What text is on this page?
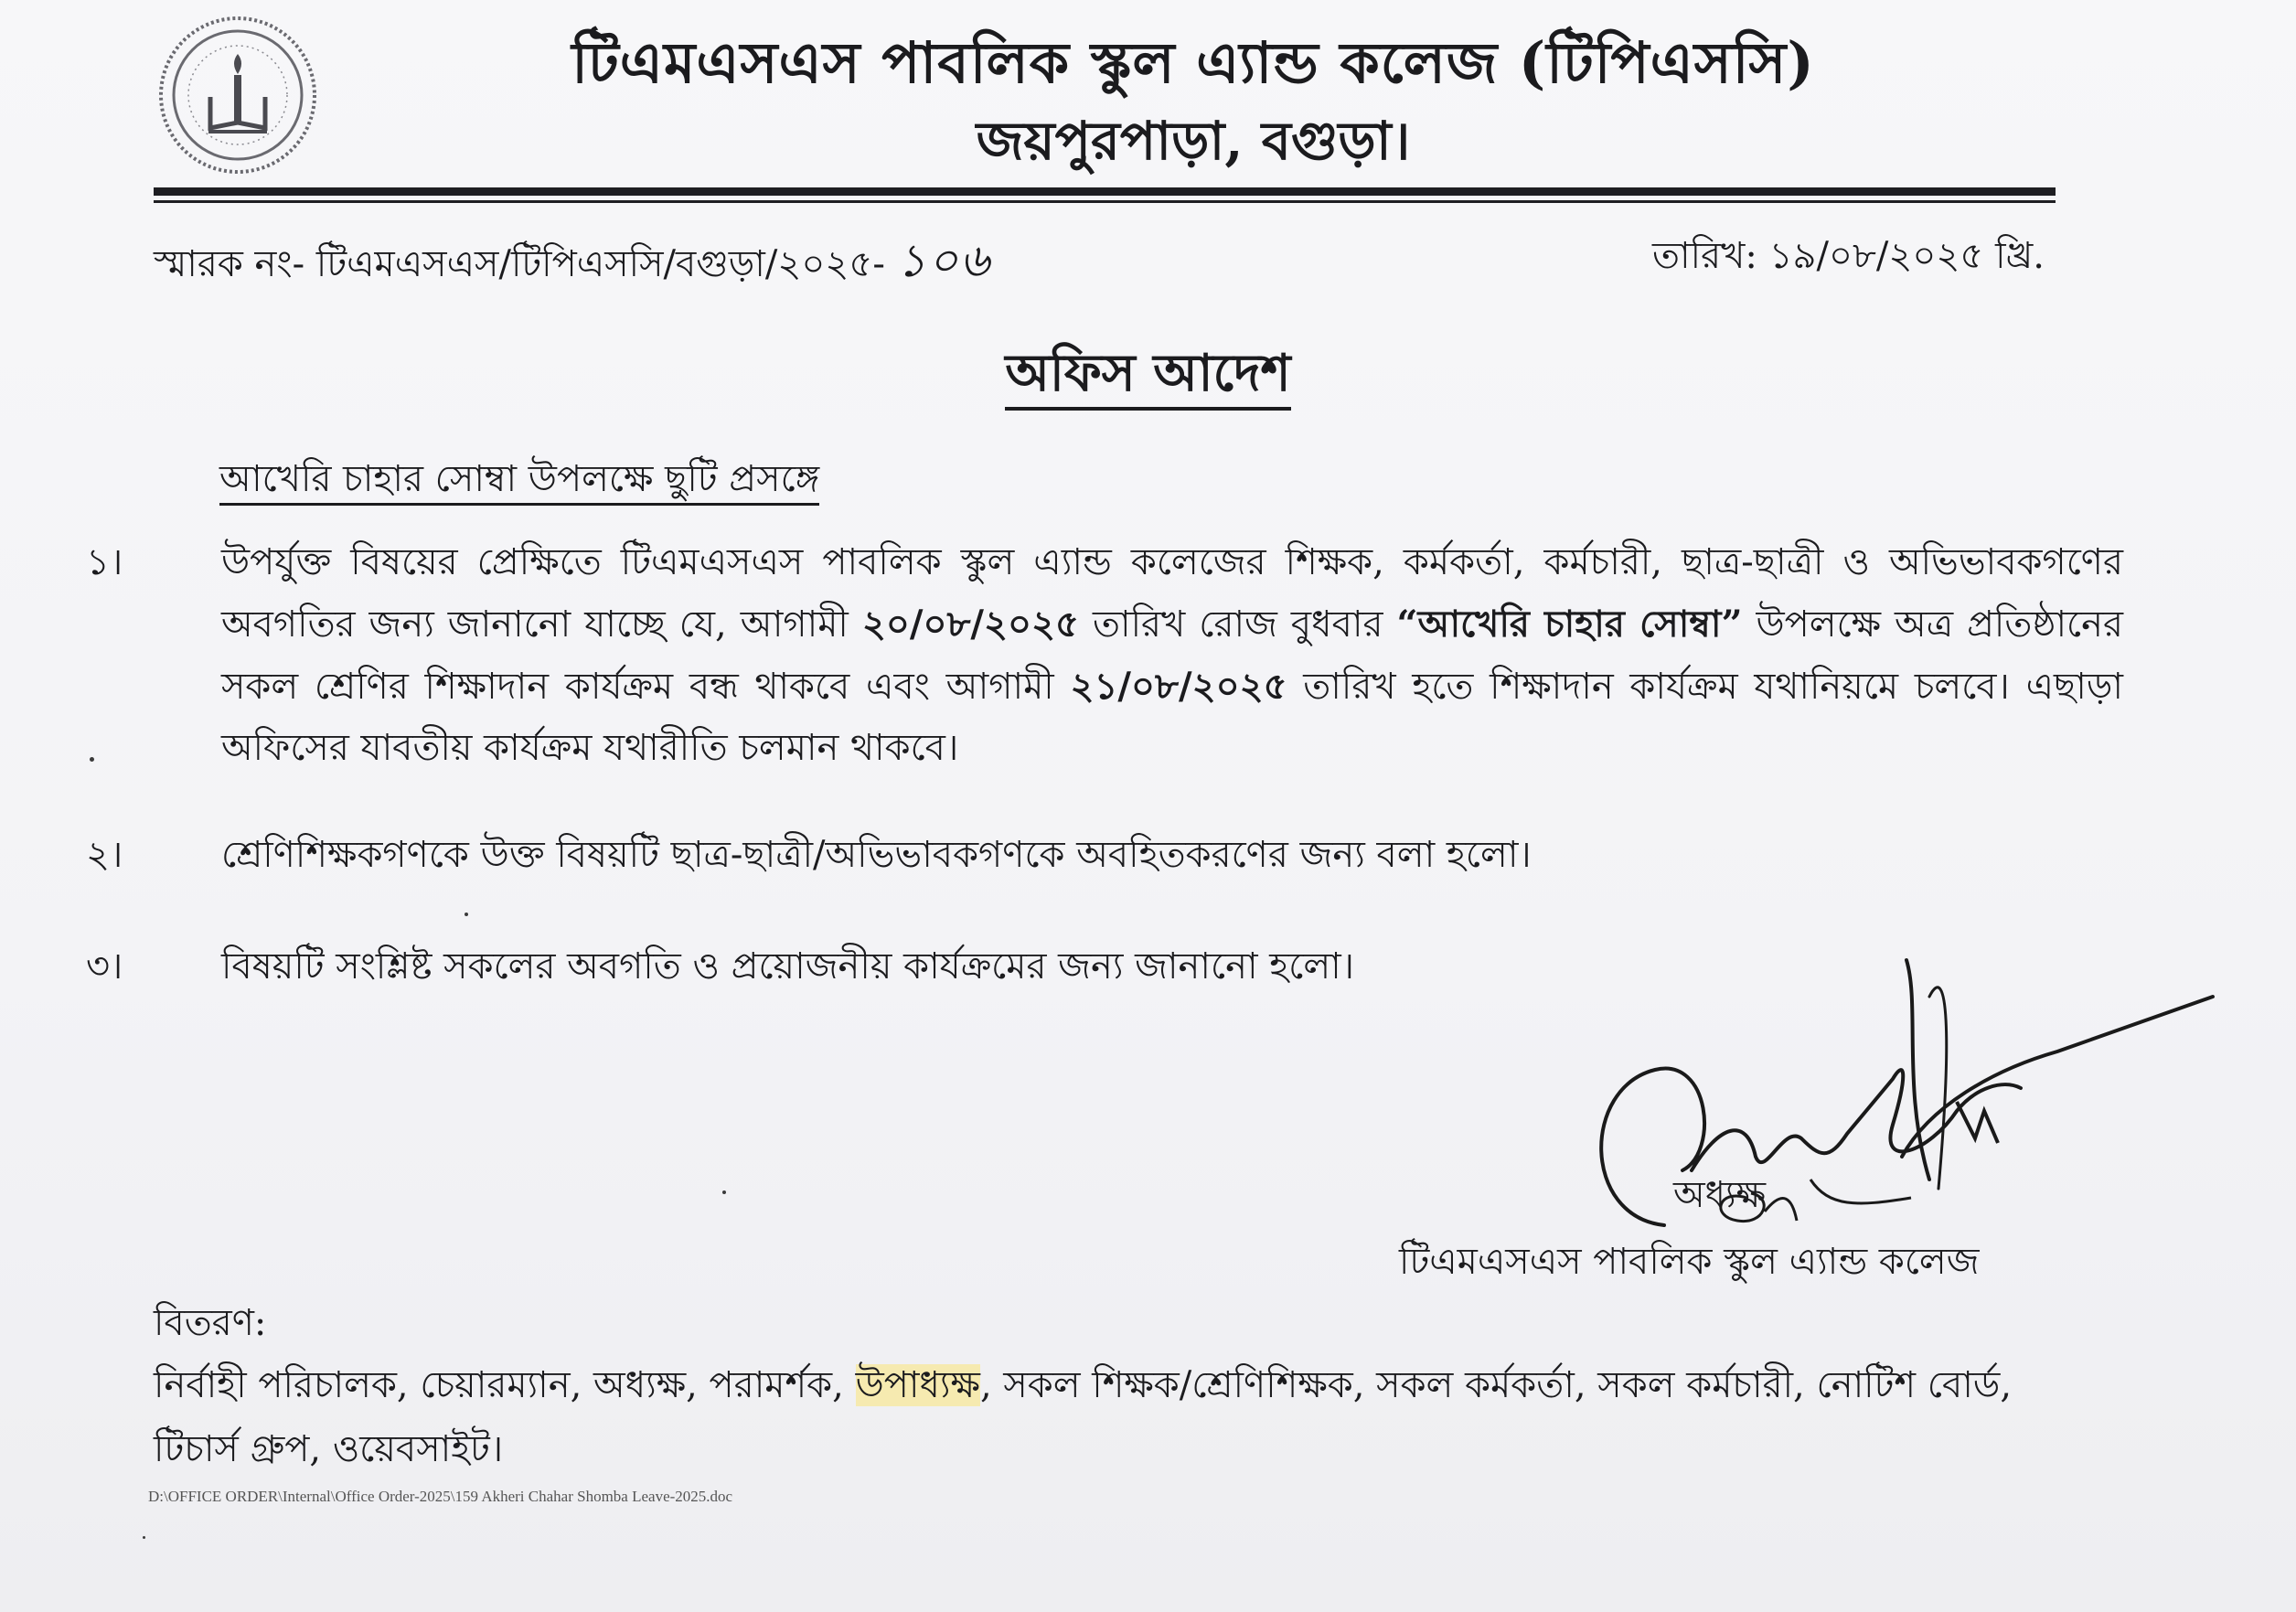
টিএমএসএস পাবলিক স্কুল এ্যান্ড কলেজ (টিপিএসসি)
জয়পুরপাড়া, বগুড়া।
স্মারক নং- টিএমএসএস/টিপিএসসি/বগুড়া/২০২৫- ১০৬	তারিখ: ১৯/০৮/২০২৫ খ্রি.
অফিস আদেশ
আখেরি চাহার সোম্বা উপলক্ষে ছুটি প্রসঙ্গে
১।	উপর্যুক্ত বিষয়ের প্রেক্ষিতে টিএমএসএস পাবলিক স্কুল এ্যান্ড কলেজের শিক্ষক, কর্মকর্তা, কর্মচারী, ছাত্র-ছাত্রী ও অভিভাবকগণের অবগতির জন্য জানানো যাচ্ছে যে, আগামী ২০/০৮/২০২৫ তারিখ রোজ বুধবার “আখেরি চাহার সোম্বা” উপলক্ষে অত্র প্রতিষ্ঠানের সকল শ্রেণির শিক্ষাদান কার্যক্রম বন্ধ থাকবে এবং আগামী ২১/০৮/২০২৫ তারিখ হতে শিক্ষাদান কার্যক্রম যথানিয়মে চলবে। এছাড়া অফিসের যাবতীয় কার্যক্রম যথারীতি চলমান থাকবে।
২।	শ্রেণিশিক্ষকগণকে উক্ত বিষয়টি ছাত্র-ছাত্রী/অভিভাবকগণকে অবহিতকরণের জন্য বলা হলো।
৩।	বিষয়টি সংশ্লিষ্ট সকলের অবগতি ও প্রয়োজনীয় কার্যক্রমের জন্য জানানো হলো।
অধ্যক্ষ
টিএমএসএস পাবলিক স্কুল এ্যান্ড কলেজ
বিতরণ:
নির্বাহী পরিচালক, চেয়ারম্যান, অধ্যক্ষ, পরামর্শক, উপাধ্যক্ষ, সকল শিক্ষক/শ্রেণিশিক্ষক, সকল কর্মকর্তা, সকল কর্মচারী, নোটিশ বোর্ড, টিচার্স গ্রুপ, ওয়েবসাইট।
D:\OFFICE ORDER\Internal\Office Order-2025\159 Akheri Chahar Shomba Leave-2025.doc
